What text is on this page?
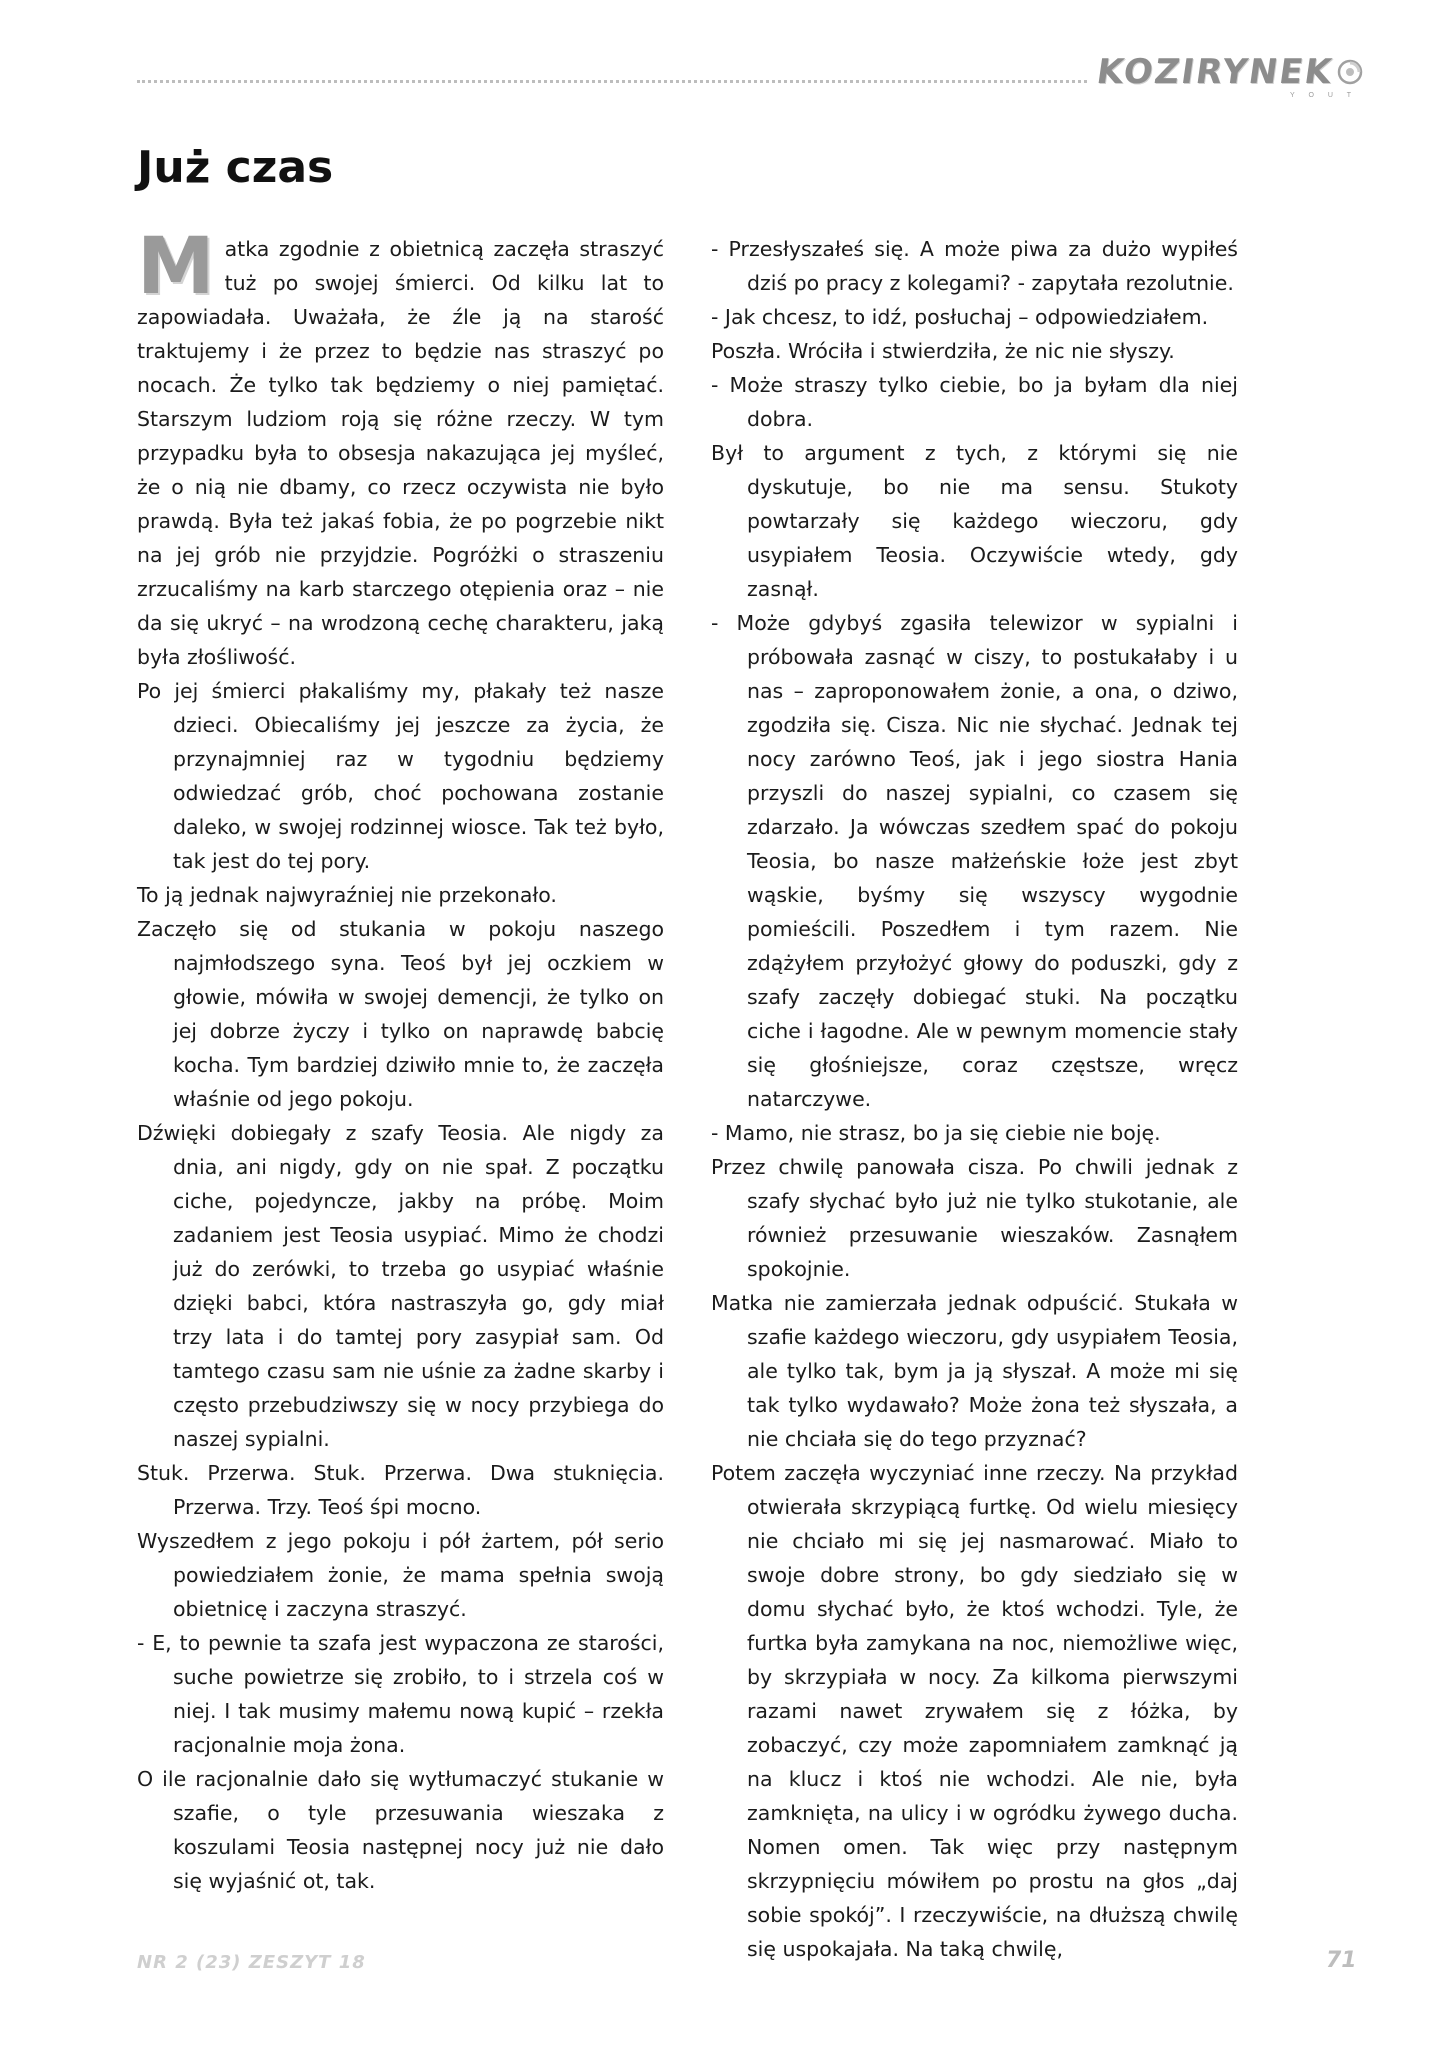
KOZIRYNEK
Y O U T
Już czas

Matka zgodnie z obietnicą zaczęła straszyć tuż po swojej śmierci. Od kilku lat to zapowiadała. Uważała, że źle ją na starość traktujemy i że przez to będzie nas straszyć po nocach. Że tylko tak będziemy o niej pamiętać. Starszym ludziom roją się różne rzeczy. W tym przypadku była to obsesja nakazująca jej myśleć, że o nią nie dbamy, co rzecz oczywista nie było prawdą. Była też jakaś fobia, że po pogrzebie nikt na jej grób nie przyjdzie. Pogróżki o straszeniu zrzucaliśmy na karb starczego otępienia oraz – nie da się ukryć – na wrodzoną cechę charakteru, jaką była złośliwość.

Po jej śmierci płakaliśmy my, płakały też nasze dzieci. Obiecaliśmy jej jeszcze za życia, że przynajmniej raz w tygodniu będziemy odwiedzać grób, choć pochowana zostanie daleko, w swojej rodzinnej wiosce. Tak też było, tak jest do tej pory.

To ją jednak najwyraźniej nie przekonało.

Zaczęło się od stukania w pokoju naszego najmłodszego syna. Teoś był jej oczkiem w głowie, mówiła w swojej demencji, że tylko on jej dobrze życzy i tylko on naprawdę babcię kocha. Tym bardziej dziwiło mnie to, że zaczęła właśnie od jego pokoju.

Dźwięki dobiegały z szafy Teosia. Ale nigdy za dnia, ani nigdy, gdy on nie spał. Z początku ciche, pojedyncze, jakby na próbę. Moim zadaniem jest Teosia usypiać. Mimo że chodzi już do zerówki, to trzeba go usypiać właśnie dzięki babci, która nastraszyła go, gdy miał trzy lata i do tamtej pory zasypiał sam. Od tamtego czasu sam nie uśnie za żadne skarby i często przebudziwszy się w nocy przybiega do naszej sypialni.

Stuk. Przerwa. Stuk. Przerwa. Dwa stuknięcia. Przerwa. Trzy. Teoś śpi mocno.

Wyszedłem z jego pokoju i pół żartem, pół serio powiedziałem żonie, że mama spełnia swoją obietnicę i zaczyna straszyć.

- E, to pewnie ta szafa jest wypaczona ze starości, suche powietrze się zrobiło, to i strzela coś w niej. I tak musimy małemu nową kupić – rzekła racjonalnie moja żona.

O ile racjonalnie dało się wytłumaczyć stukanie w szafie, o tyle przesuwania wieszaka z koszulami Teosia następnej nocy już nie dało się wyjaśnić ot, tak.

- Przesłyszałeś się. A może piwa za dużo wypiłeś dziś po pracy z kolegami? - zapytała rezolutnie.

- Jak chcesz, to idź, posłuchaj – odpowiedziałem.

Poszła. Wróciła i stwierdziła, że nic nie słyszy.

- Może straszy tylko ciebie, bo ja byłam dla niej dobra.

Był to argument z tych, z którymi się nie dyskutuje, bo nie ma sensu. Stukoty powtarzały się każdego wieczoru, gdy usypiałem Teosia. Oczywiście wtedy, gdy zasnął.

- Może gdybyś zgasiła telewizor w sypialni i próbowała zasnąć w ciszy, to postukałaby i u nas – zaproponowałem żonie, a ona, o dziwo, zgodziła się. Cisza. Nic nie słychać. Jednak tej nocy zarówno Teoś, jak i jego siostra Hania przyszli do naszej sypialni, co czasem się zdarzało. Ja wówczas szedłem spać do pokoju Teosia, bo nasze małżeńskie łoże jest zbyt wąskie, byśmy się wszyscy wygodnie pomieścili. Poszedłem i tym razem. Nie zdążyłem przyłożyć głowy do poduszki, gdy z szafy zaczęły dobiegać stuki. Na początku ciche i łagodne. Ale w pewnym momencie stały się głośniejsze, coraz częstsze, wręcz natarczywe.

- Mamo, nie strasz, bo ja się ciebie nie boję.

Przez chwilę panowała cisza. Po chwili jednak z szafy słychać było już nie tylko stukotanie, ale również przesuwanie wieszaków. Zasnąłem spokojnie.

Matka nie zamierzała jednak odpuścić. Stukała w szafie każdego wieczoru, gdy usypiałem Teosia, ale tylko tak, bym ja ją słyszał. A może mi się tak tylko wydawało? Może żona też słyszała, a nie chciała się do tego przyznać?

Potem zaczęła wyczyniać inne rzeczy. Na przykład otwierała skrzypiącą furtkę. Od wielu miesięcy nie chciało mi się jej nasmarować. Miało to swoje dobre strony, bo gdy siedziało się w domu słychać było, że ktoś wchodzi. Tyle, że furtka była zamykana na noc, niemożliwe więc, by skrzypiała w nocy. Za kilkoma pierwszymi razami nawet zrywałem się z łóżka, by zobaczyć, czy może zapomniałem zamknąć ją na klucz i ktoś nie wchodzi. Ale nie, była zamknięta, na ulicy i w ogródku żywego ducha. Nomen omen. Tak więc przy następnym skrzypnięciu mówiłem po prostu na głos „daj sobie spokój”. I rzeczywiście, na dłuższą chwilę się uspokajała. Na taką chwilę,

NR 2 (23) ZESZYT 18	71
